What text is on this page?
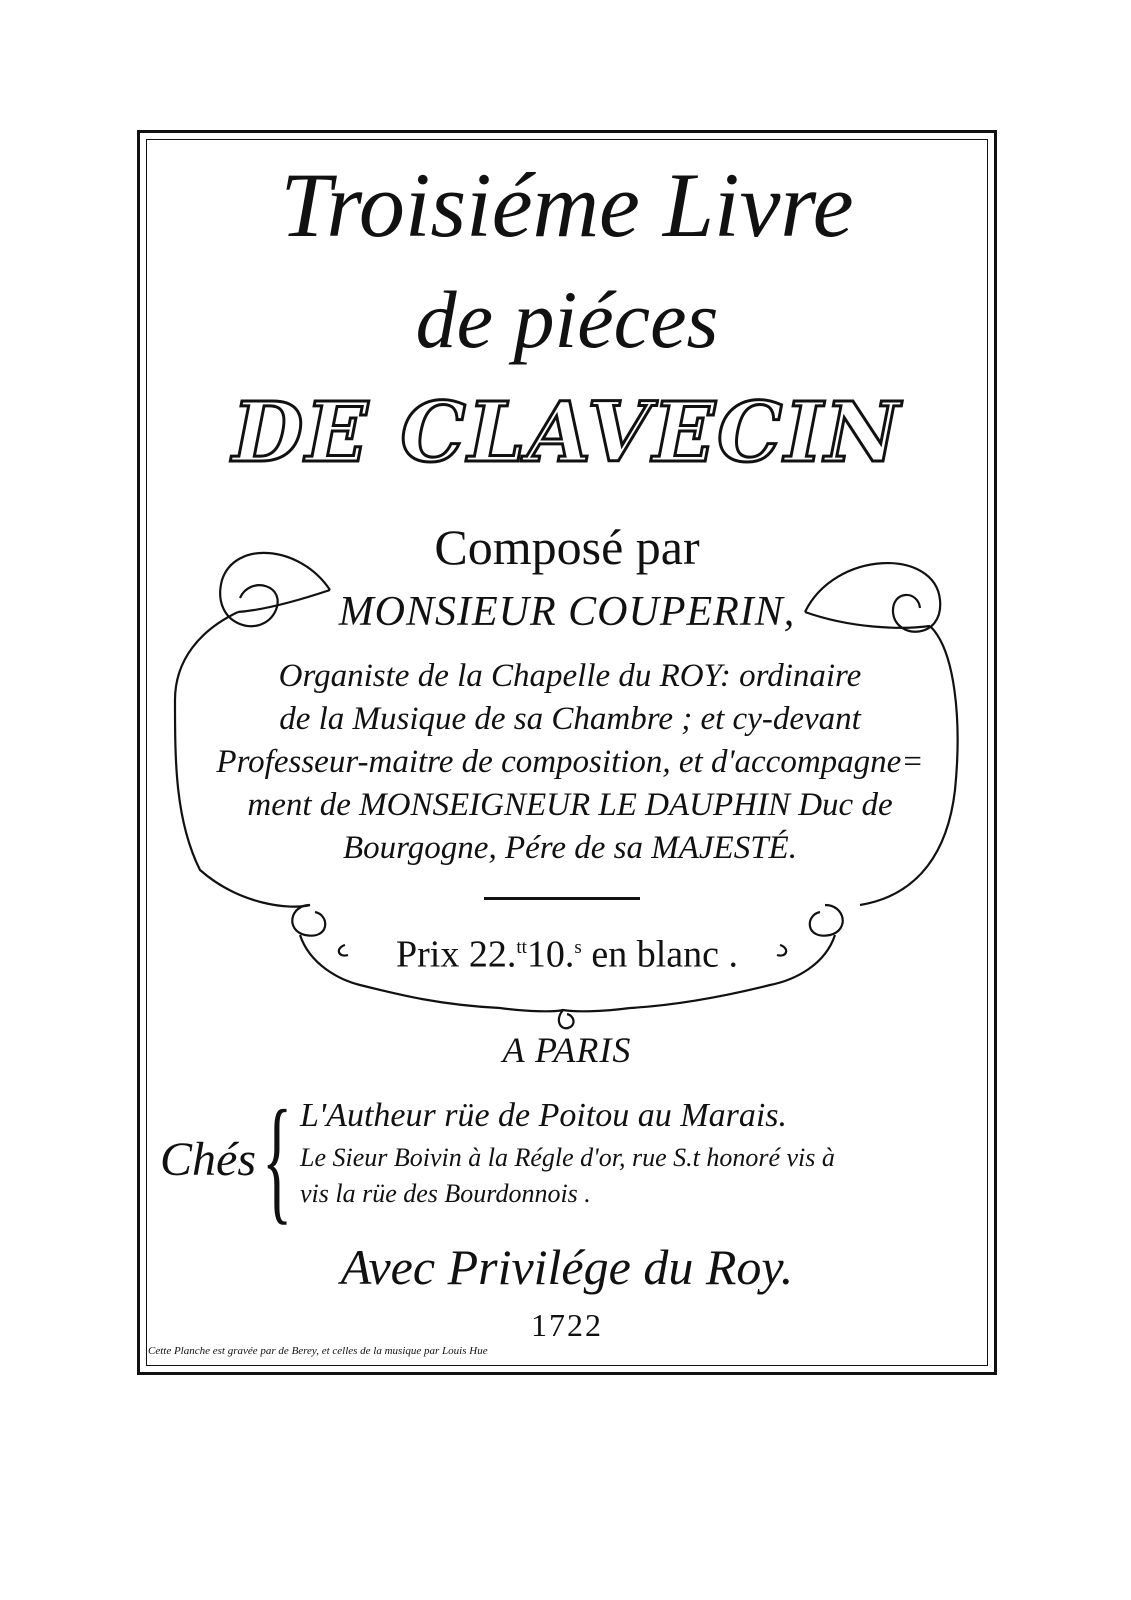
Troisiéme Livre
de piéces
DE CLAVECIN
Composé par
MONSIEUR COUPERIN,
Organiste de la Chapelle du ROY: ordinaire
de la Musique de sa Chambre ; et cy-devant
Professeur-maitre de composition, et d'accompagne=
ment de MONSEIGNEUR LE DAUPHIN Duc de
Bourgogne, Pére de sa MAJESTÉ.
Prix 22.$^{tt}$10.$^s$ en blanc .
A PARIS
Chés { L'Autheur rüe de Poitou au Marais.
Le Sieur Boivin à la Régle d'or, rue S.t honoré vis à
vis la rüe des Bourdonnois .
Avec Privilége du Roy.
1722
Cette Planche est gravée par de Berey, et celles de la musique par Louis Hue
